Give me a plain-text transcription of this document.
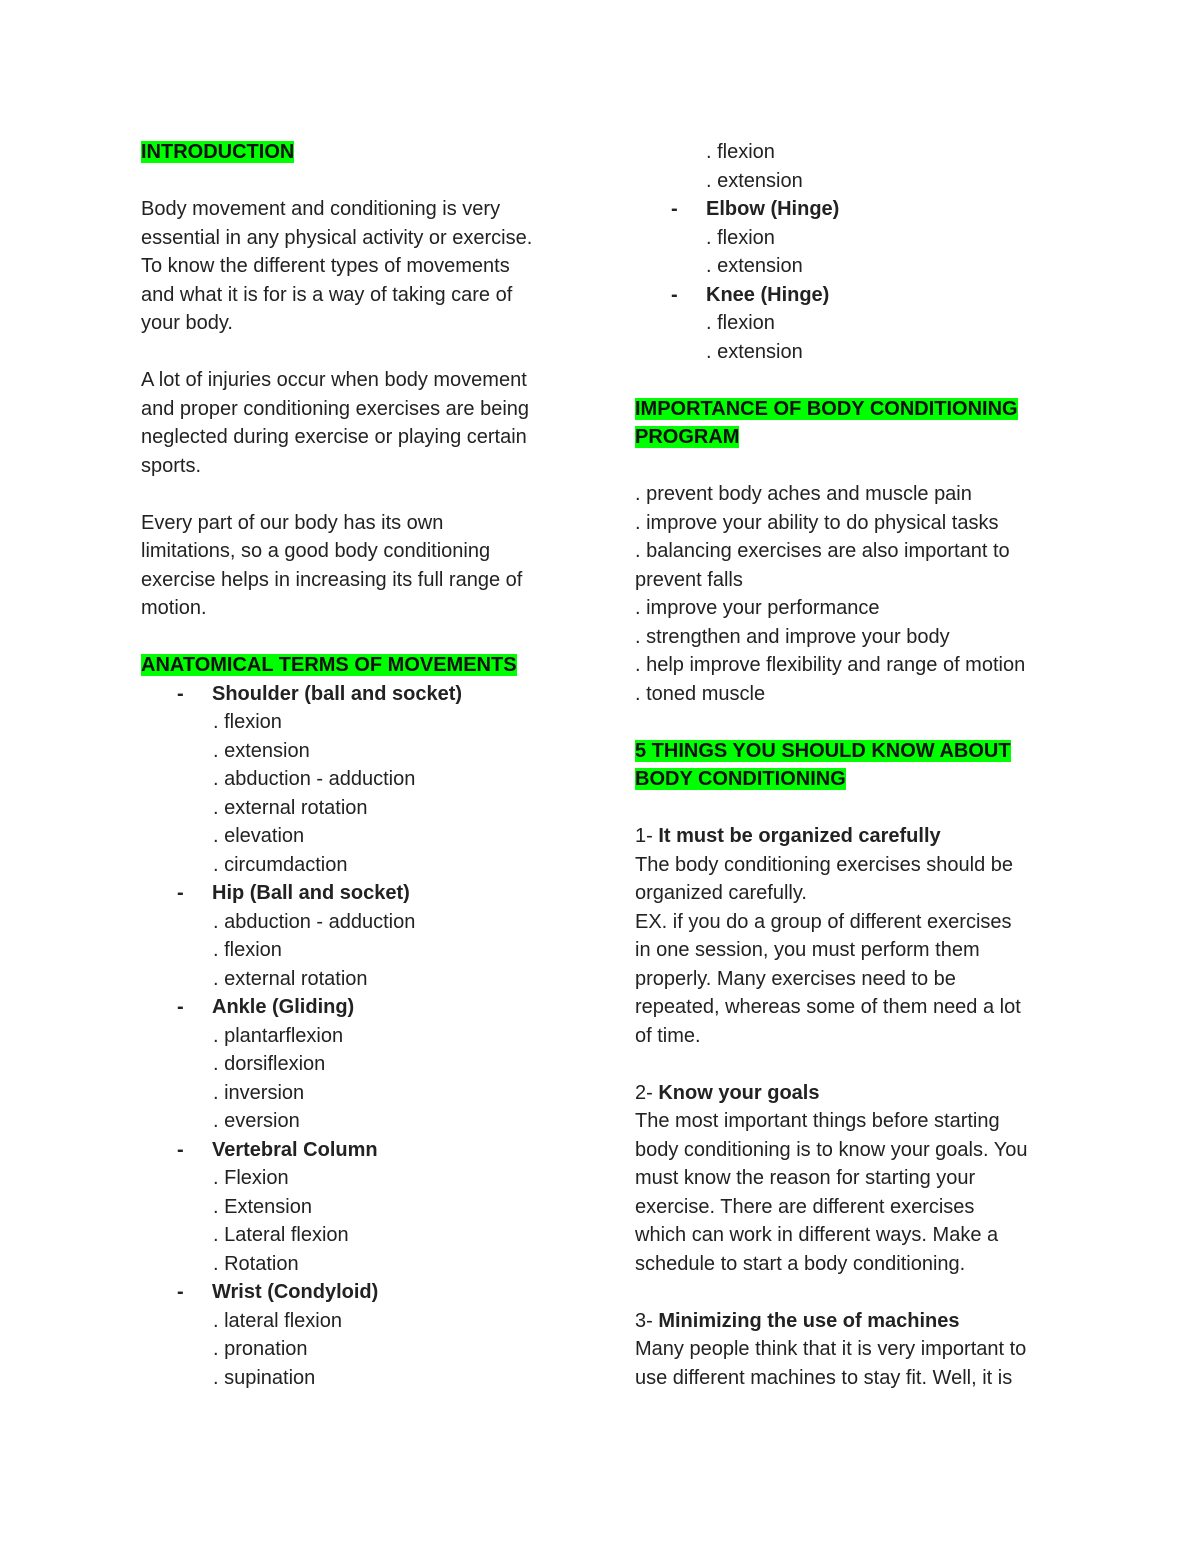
INTRODUCTION
Body movement and conditioning is very
essential in any physical activity or exercise.
To know the different types of movements
and what it is for is a way of taking care of
your body.
A lot of injuries occur when body movement
and proper conditioning exercises are being
neglected during exercise or playing certain
sports.
Every part of our body has its own
limitations, so a good body conditioning
exercise helps in increasing its full range of
motion.
ANATOMICAL TERMS OF MOVEMENTS
- Shoulder (ball and socket)
. flexion
. extension
. abduction - adduction
. external rotation
. elevation
. circumdaction
- Hip (Ball and socket)
. abduction - adduction
. flexion
. external rotation
- Ankle (Gliding)
. plantarflexion
. dorsiflexion
. inversion
. eversion
- Vertebral Column
. Flexion
. Extension
. Lateral flexion
. Rotation
- Wrist (Condyloid)
. lateral flexion
. pronation
. supination
. flexion
. extension
- Elbow (Hinge)
. flexion
. extension
- Knee (Hinge)
. flexion
. extension
IMPORTANCE OF BODY CONDITIONING
PROGRAM
. prevent body aches and muscle pain
. improve your ability to do physical tasks
. balancing exercises are also important to
prevent falls
. improve your performance
. strengthen and improve your body
. help improve flexibility and range of motion
. toned muscle
5 THINGS YOU SHOULD KNOW ABOUT
BODY CONDITIONING
1- It must be organized carefully
The body conditioning exercises should be
organized carefully.
EX. if you do a group of different exercises
in one session, you must perform them
properly. Many exercises need to be
repeated, whereas some of them need a lot
of time.
2- Know your goals
The most important things before starting
body conditioning is to know your goals. You
must know the reason for starting your
exercise. There are different exercises
which can work in different ways. Make a
schedule to start a body conditioning.
3- Minimizing the use of machines
Many people think that it is very important to
use different machines to stay fit. Well, it is
